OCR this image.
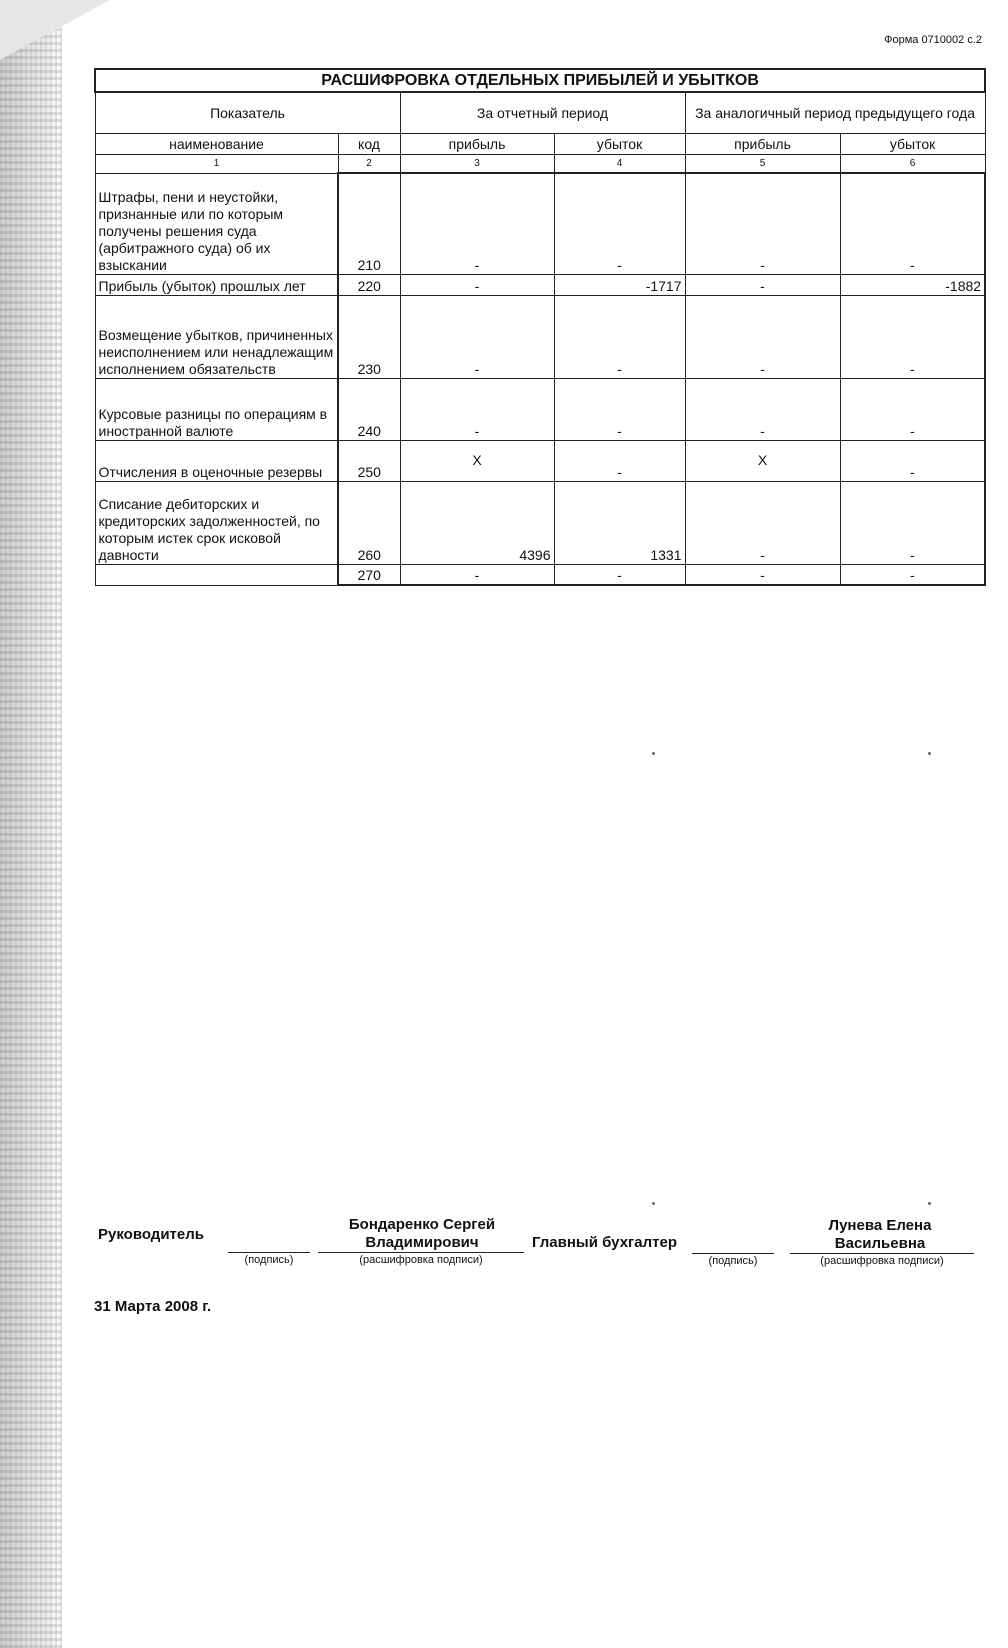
Форма 0710002 с.2
РАСШИФРОВКА ОТДЕЛЬНЫХ ПРИБЫЛЕЙ И УБЫТКОВ					
Показатель		За отчетный период		За аналогичный период предыдущего года	
наименование	код	прибыль	убыток	прибыль	убыток
1	2	3	4	5	6
Штрафы, пени и неустойки, признанные или по которым получены решения суда (арбитражного суда) об их взыскании	210	-	-	-	-
Прибыль (убыток) прошлых лет	220	-	-1717	-	-1882
Возмещение убытков, причиненных неисполнением или ненадлежащим исполнением обязательств	230	-	-	-	-
Курсовые разницы по операциям в иностранной валюте	240	-	-	-	-
Отчисления в оценочные резервы	250	X	-	X	-
Списание дебиторских и кредиторских задолженностей, по которым истек срок исковой давности	260	4396	1331	-	-
	270	-	-	-	-
Руководитель
(подпись)
Бондаренко Сергей Владимирович
(расшифровка подписи)
Главный бухгалтер
(подпись)
Лунева Елена Васильевна
(расшифровка подписи)
31 Марта 2008 г.
